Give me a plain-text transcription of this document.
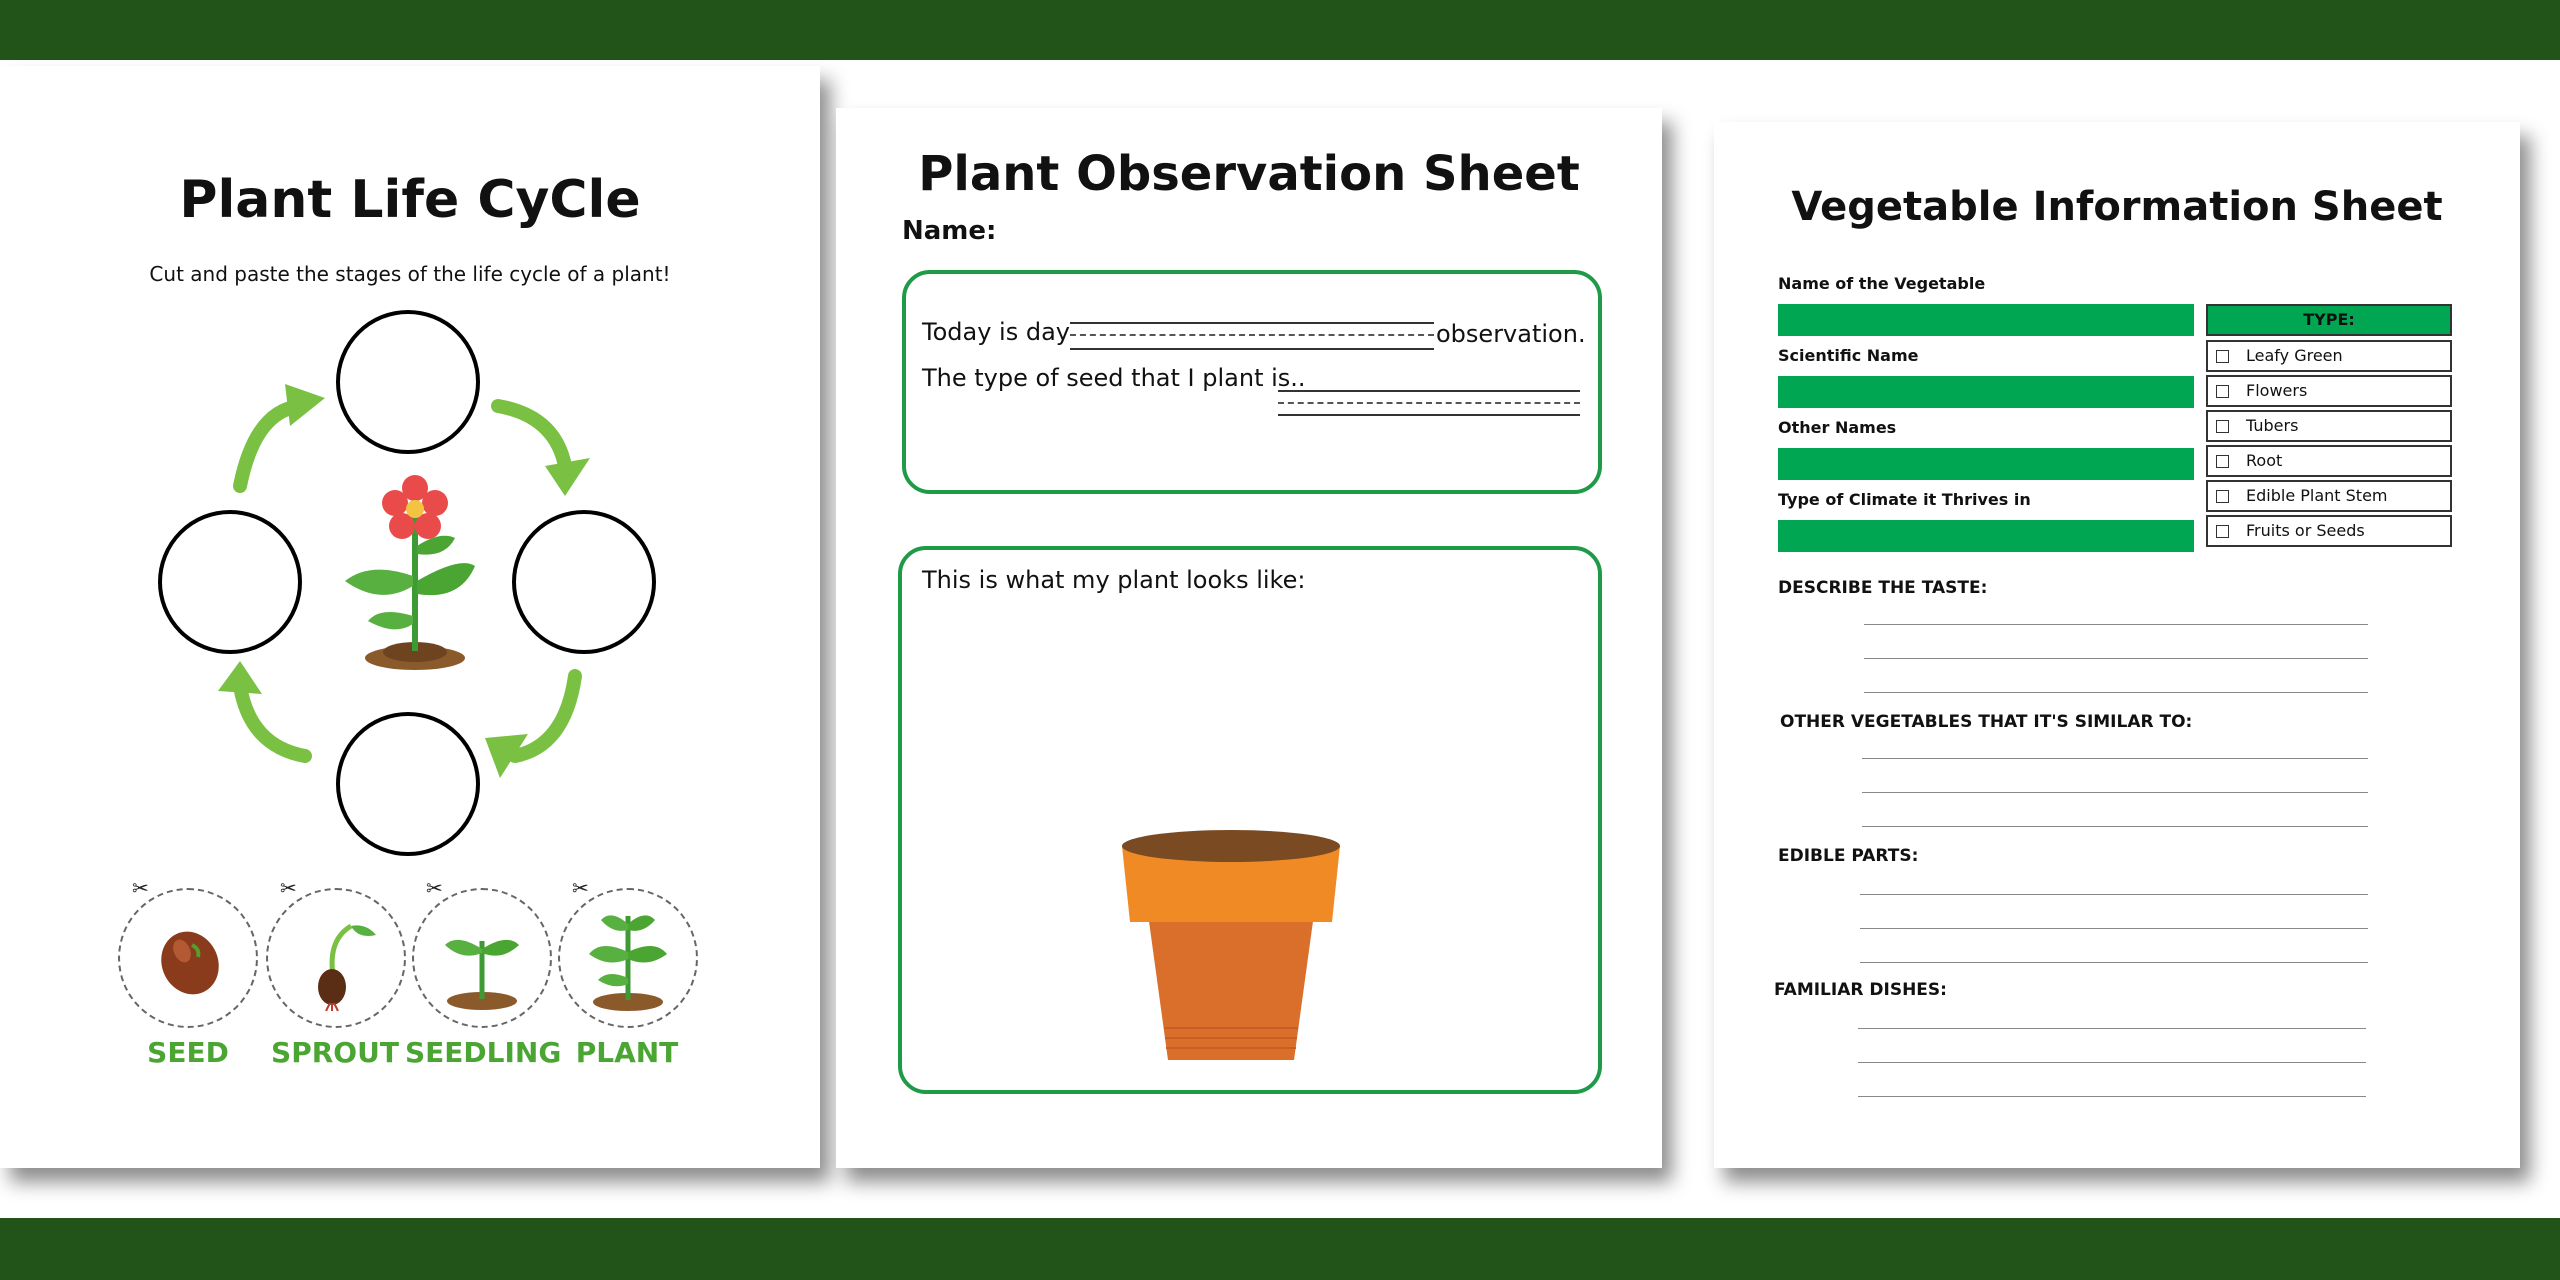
Plant Life CyCle
Cut and paste the stages of the life cycle of a plant!
✂	✂	✂	✂
SEED	SPROUT SEEDLING PLANT
Plant Observation Sheet
Name:
Today is day	observation.
The type of seed that I plant is..
This is what my plant looks like:
Vegetable Information Sheet
Name of the Vegetable
Scientific Name
Other Names
Type of Climate it Thrives in
TYPE:
Leafy Green
Flowers
Tubers
Root
Edible Plant Stem
Fruits or Seeds
DESCRIBE THE TASTE:
OTHER VEGETABLES THAT IT'S SIMILAR TO:
EDIBLE PARTS:
FAMILIAR DISHES:
